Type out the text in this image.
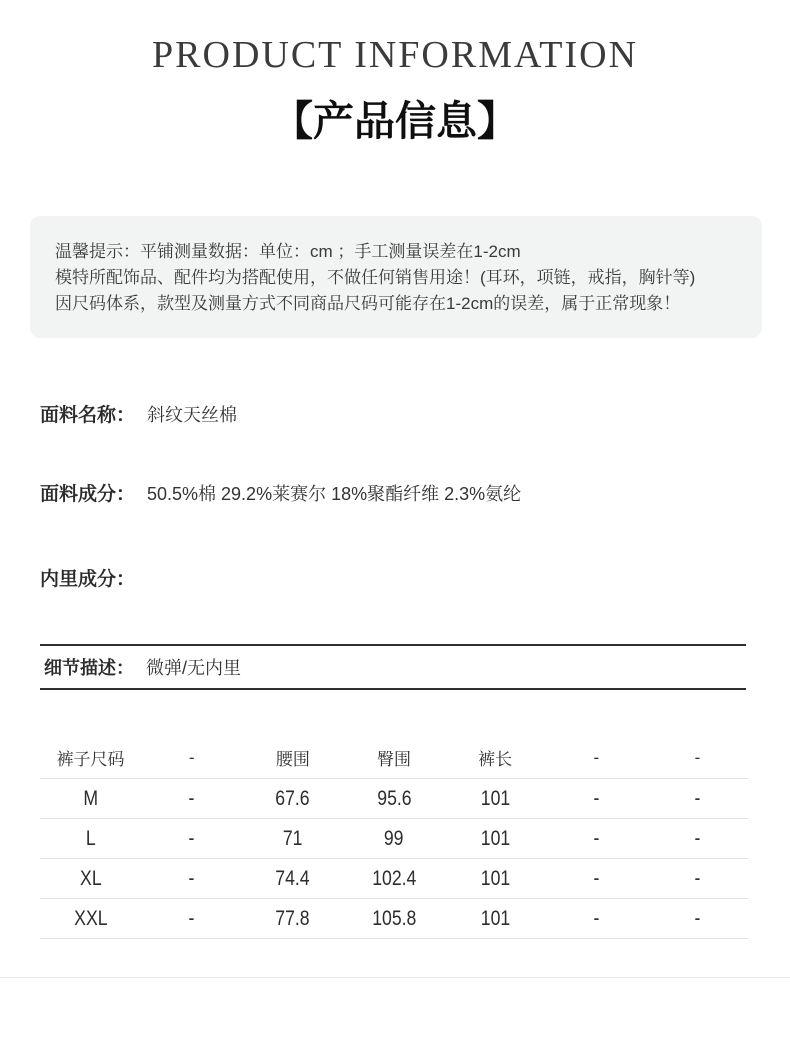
PRODUCT INFORMATION
【产品信息】
温馨提示：平铺测量数据：单位：cm ；手工测量误差在1-2cm
模特所配饰品、配件均为搭配使用，不做任何销售用途！(耳环，项链，戒指，胸针等)
因尺码体系，款型及测量方式不同商品尺码可能存在1-2cm的误差，属于正常现象！
面料名称： 斜纹天丝棉
面料成分： 50.5%棉 29.2%莱赛尔 18%聚酯纤维 2.3%氨纶
内里成分：
细节描述： 微弹/无内里
裤子尺码	-	腰围	臀围	裤长	-	-
M	-	67.6	95.6	101	-	-
L	-	71	99	101	-	-
XL	-	74.4	102.4	101	-	-
XXL	-	77.8	105.8	101	-	-
